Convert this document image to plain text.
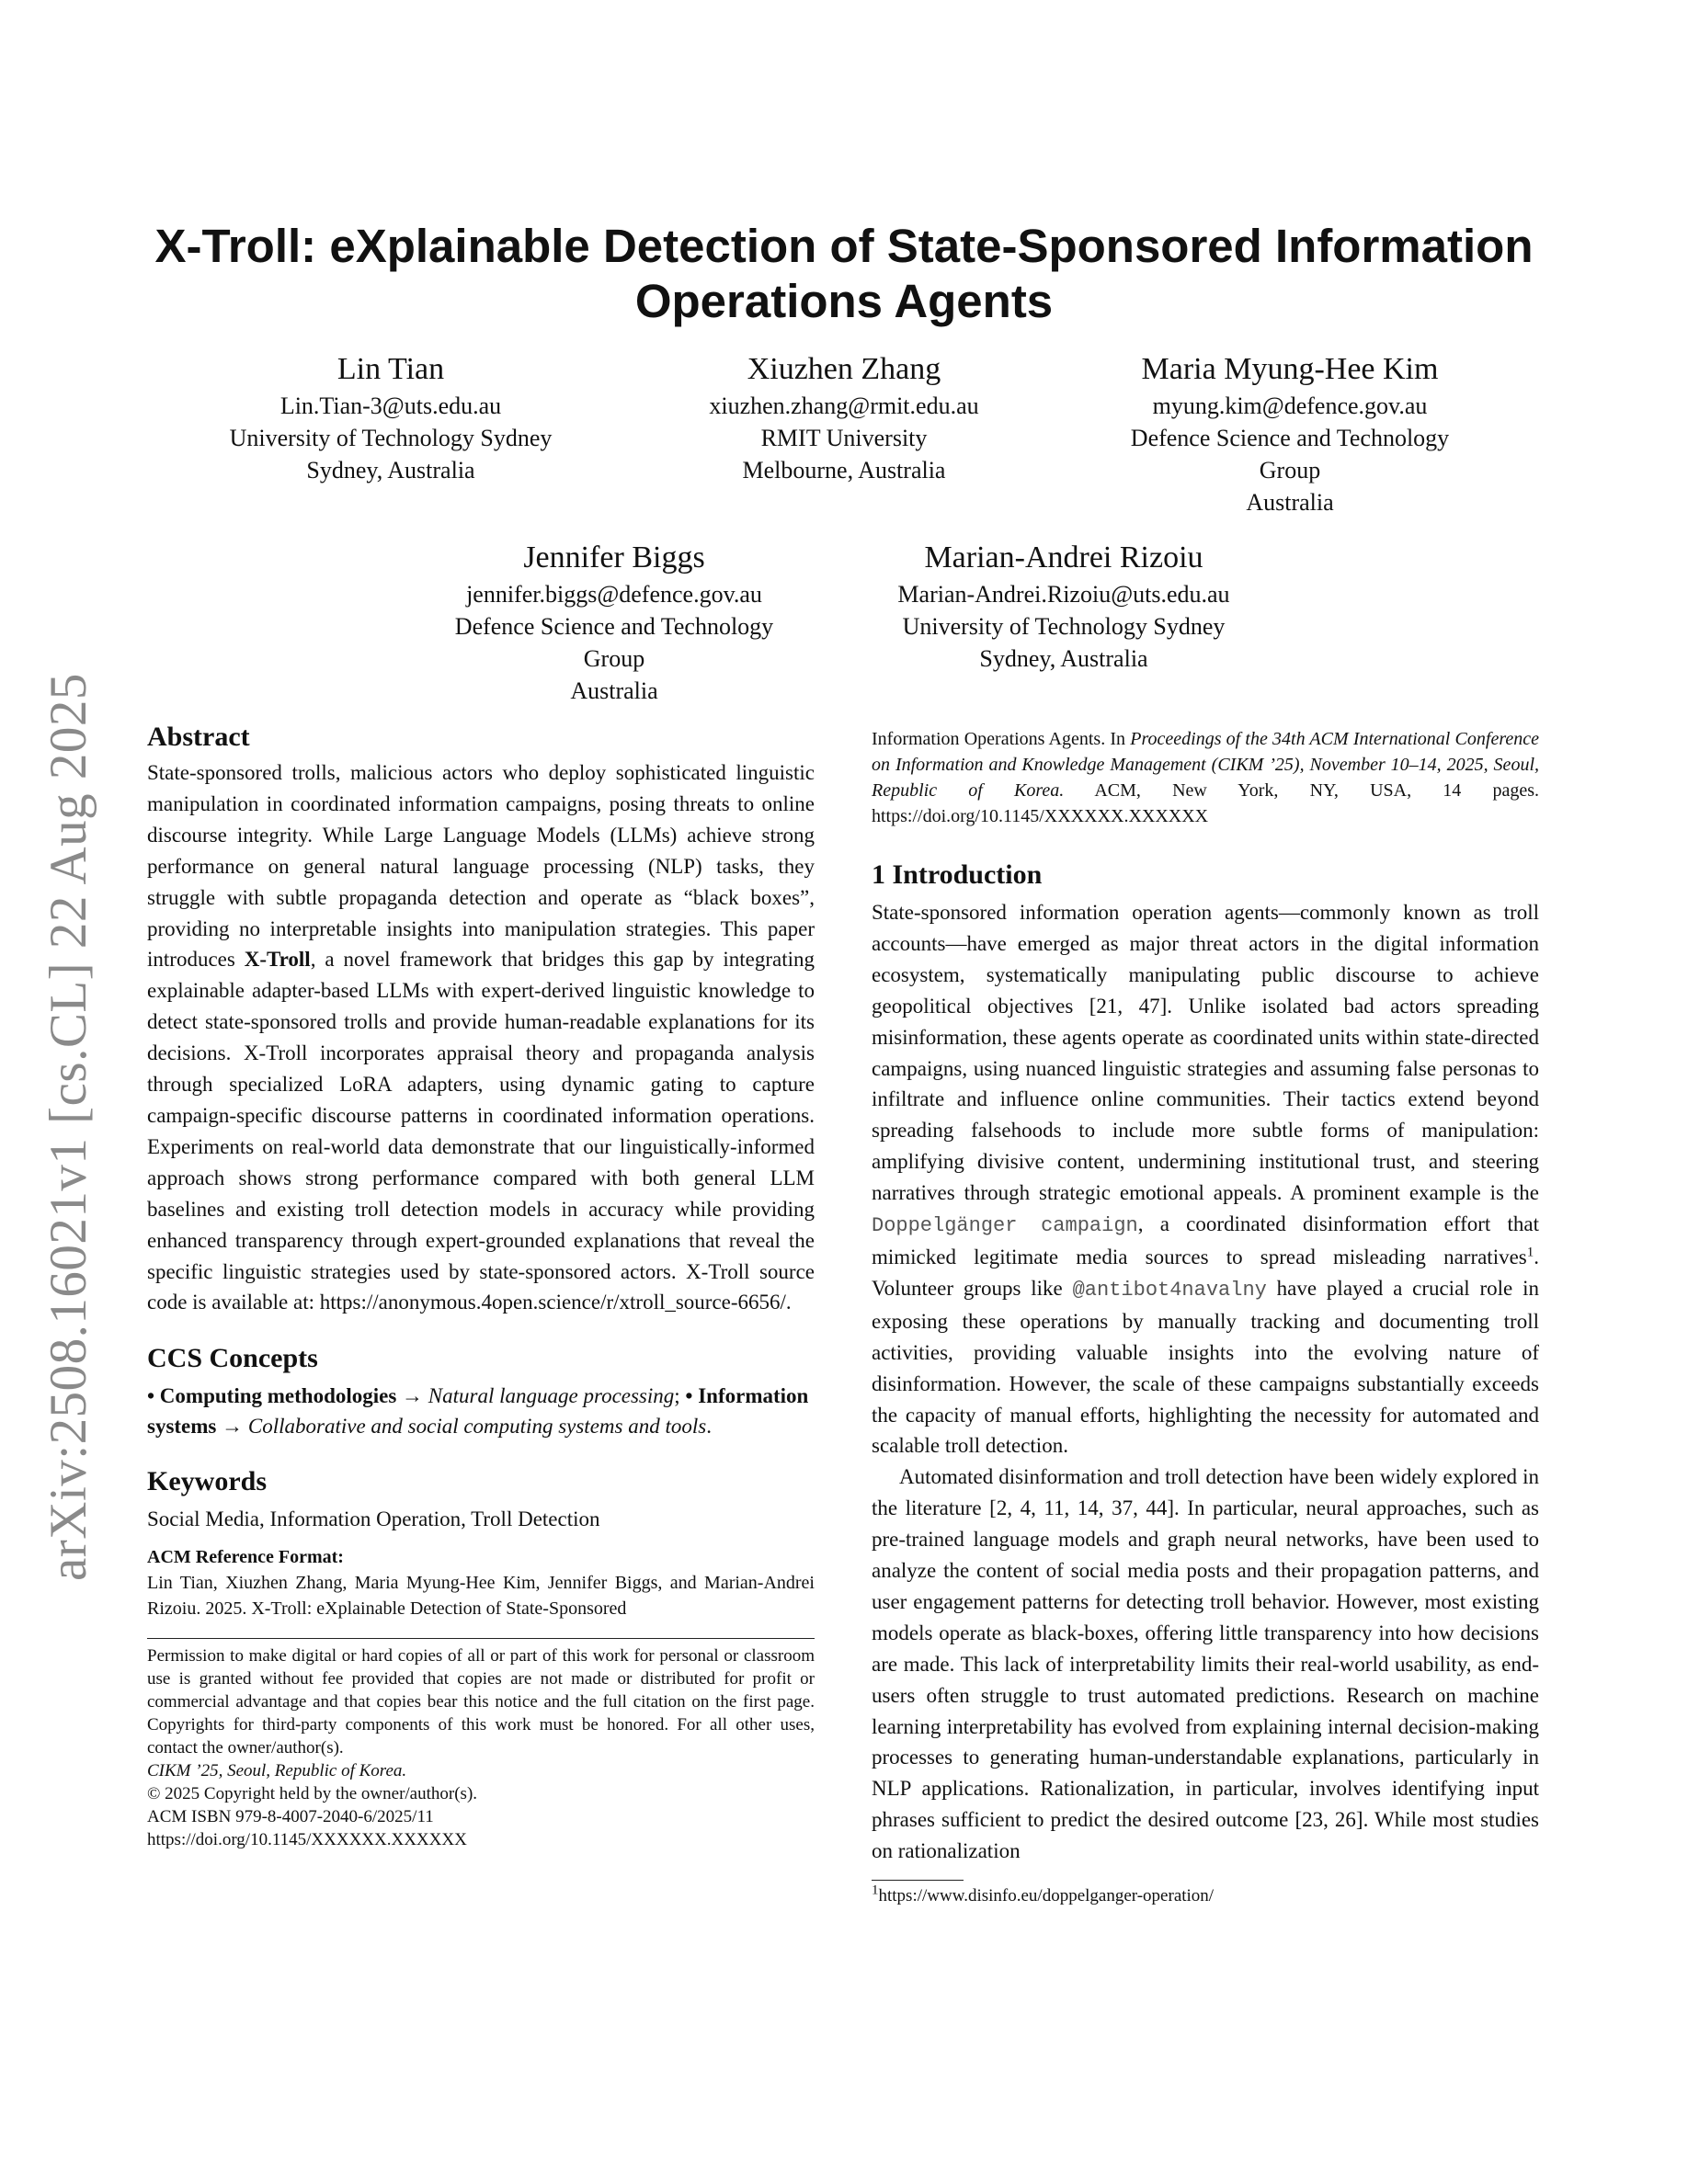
arXiv:2508.16021v1 [cs.CL] 22 Aug 2025
X-Troll: eXplainable Detection of State-Sponsored Information
Operations Agents
Lin Tian
Lin.Tian-3@uts.edu.au
University of Technology Sydney
Sydney, Australia
Xiuzhen Zhang
xiuzhen.zhang@rmit.edu.au
RMIT University
Melbourne, Australia
Maria Myung-Hee Kim
myung.kim@defence.gov.au
Defence Science and Technology
Group
Australia
Jennifer Biggs
jennifer.biggs@defence.gov.au
Defence Science and Technology
Group
Australia
Marian-Andrei Rizoiu
Marian-Andrei.Rizoiu@uts.edu.au
University of Technology Sydney
Sydney, Australia
Abstract

State-sponsored trolls, malicious actors who deploy sophisticated linguistic manipulation in coordinated information campaigns, posing threats to online discourse integrity. While Large Language Models (LLMs) achieve strong performance on general natural language processing (NLP) tasks, they struggle with subtle propaganda detection and operate as “black boxes”, providing no interpretable insights into manipulation strategies. This paper introduces X-Troll, a novel framework that bridges this gap by integrating explainable adapter-based LLMs with expert-derived linguistic knowledge to detect state-sponsored trolls and provide human-readable explanations for its decisions. X-Troll incorporates appraisal theory and propaganda analysis through specialized LoRA adapters, using dynamic gating to capture campaign-specific discourse patterns in coordinated information operations. Experiments on real-world data demonstrate that our linguistically-informed approach shows strong performance compared with both general LLM baselines and existing troll detection models in accuracy while providing enhanced transparency through expert-grounded explanations that reveal the specific linguistic strategies used by state-sponsored actors. X-Troll source code is available at: https://anonymous.4open.science/r/xtroll_source-6656/.

CCS Concepts

• Computing methodologies → Natural language processing; • Information systems → Collaborative and social computing systems and tools.

Keywords

Social Media, Information Operation, Troll Detection

ACM Reference Format:

Lin Tian, Xiuzhen Zhang, Maria Myung-Hee Kim, Jennifer Biggs, and Marian-Andrei Rizoiu. 2025. X-Troll: eXplainable Detection of State-Sponsored

Permission to make digital or hard copies of all or part of this work for personal or classroom use is granted without fee provided that copies are not made or distributed for profit or commercial advantage and that copies bear this notice and the full citation on the first page. Copyrights for third-party components of this work must be honored. For all other uses, contact the owner/author(s).

CIKM ’25, Seoul, Republic of Korea.

© 2025 Copyright held by the owner/author(s).

ACM ISBN 979-8-4007-2040-6/2025/11

https://doi.org/10.1145/XXXXXX.XXXXXX

Information Operations Agents. In Proceedings of the 34th ACM International Conference on Information and Knowledge Management (CIKM ’25), November 10–14, 2025, Seoul, Republic of Korea. ACM, New York, NY, USA, 14 pages. https://doi.org/10.1145/XXXXXX.XXXXXX

1 Introduction

State-sponsored information operation agents—commonly known as troll accounts—have emerged as major threat actors in the digital information ecosystem, systematically manipulating public discourse to achieve geopolitical objectives [21, 47]. Unlike isolated bad actors spreading misinformation, these agents operate as coordinated units within state-directed campaigns, using nuanced linguistic strategies and assuming false personas to infiltrate and influence online communities. Their tactics extend beyond spreading falsehoods to include more subtle forms of manipulation: amplifying divisive content, undermining institutional trust, and steering narratives through strategic emotional appeals. A prominent example is the Doppelgänger campaign, a coordinated disinformation effort that mimicked legitimate media sources to spread misleading narratives$^1$. Volunteer groups like @antibot4navalny have played a crucial role in exposing these operations by manually tracking and documenting troll activities, providing valuable insights into the evolving nature of disinformation. However, the scale of these campaigns substantially exceeds the capacity of manual efforts, highlighting the necessity for automated and scalable troll detection.

Automated disinformation and troll detection have been widely explored in the literature [2, 4, 11, 14, 37, 44]. In particular, neural approaches, such as pre-trained language models and graph neural networks, have been used to analyze the content of social media posts and their propagation patterns, and user engagement patterns for detecting troll behavior. However, most existing models operate as black-boxes, offering little transparency into how decisions are made. This lack of interpretability limits their real-world usability, as end-users often struggle to trust automated predictions. Research on machine learning interpretability has evolved from explaining internal decision-making processes to generating human-understandable explanations, particularly in NLP applications. Rationalization, in particular, involves identifying input phrases sufficient to predict the desired outcome [23, 26]. While most studies on rationalization

$^1$https://www.disinfo.eu/doppelganger-operation/
